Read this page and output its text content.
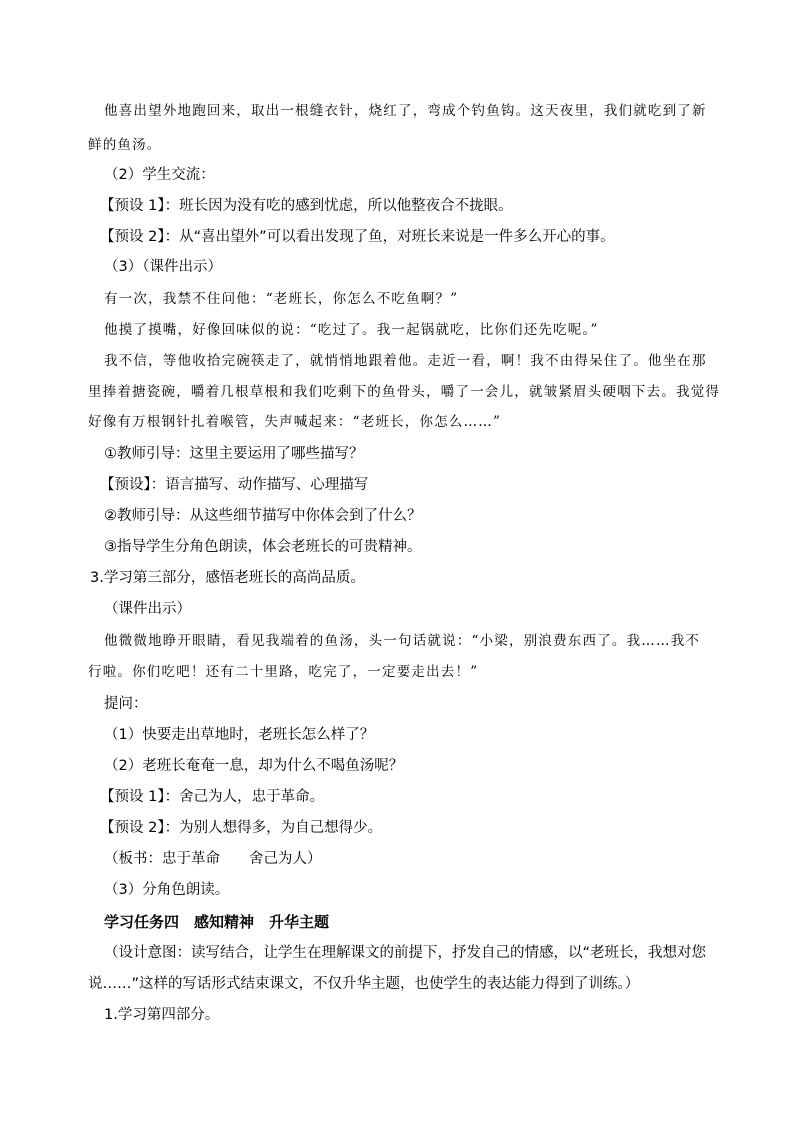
他喜出望外地跑回来，取出一根缝衣针，烧红了，弯成个钓鱼钩。这天夜里，我们就吃到了新
鲜的鱼汤。
（2）学生交流：
【预设 1】：班长因为没有吃的感到忧虑，所以他整夜合不拢眼。
【预设 2】：从“喜出望外”可以看出发现了鱼，对班长来说是一件多么开心的事。
（3）（课件出示）
有一次，我禁不住问他：“老班长，你怎么不吃鱼啊？”
他摸了摸嘴，好像回味似的说：“吃过了。我一起锅就吃，比你们还先吃呢。”
我不信，等他收拾完碗筷走了，就悄悄地跟着他。走近一看，啊！我不由得呆住了。他坐在那
里捧着搪瓷碗，嚼着几根草根和我们吃剩下的鱼骨头，嚼了一会儿，就皱紧眉头硬咽下去。我觉得
好像有万根钢针扎着喉管，失声喊起来：“老班长，你怎么……”
①教师引导：这里主要运用了哪些描写？
【预设】：语言描写、动作描写、心理描写
②教师引导：从这些细节描写中你体会到了什么？
③指导学生分角色朗读，体会老班长的可贵精神。
3.学习第三部分，感悟老班长的高尚品质。
（课件出示）
他微微地睁开眼睛，看见我端着的鱼汤，头一句话就说：“小梁，别浪费东西了。我……我不
行啦。你们吃吧！还有二十里路，吃完了，一定要走出去！”
提问：
（1）快要走出草地时，老班长怎么样了？
（2）老班长奄奄一息，却为什么不喝鱼汤呢？
【预设 1】：舍己为人，忠于革命。
【预设 2】：为别人想得多，为自己想得少。
（板书：忠于革命　　舍己为人）
（3）分角色朗读。
学习任务四　感知精神　升华主题
（设计意图：读写结合，让学生在理解课文的前提下，抒发自己的情感，以“老班长，我想对您
说……”这样的写话形式结束课文，不仅升华主题，也使学生的表达能力得到了训练。）
1.学习第四部分。
